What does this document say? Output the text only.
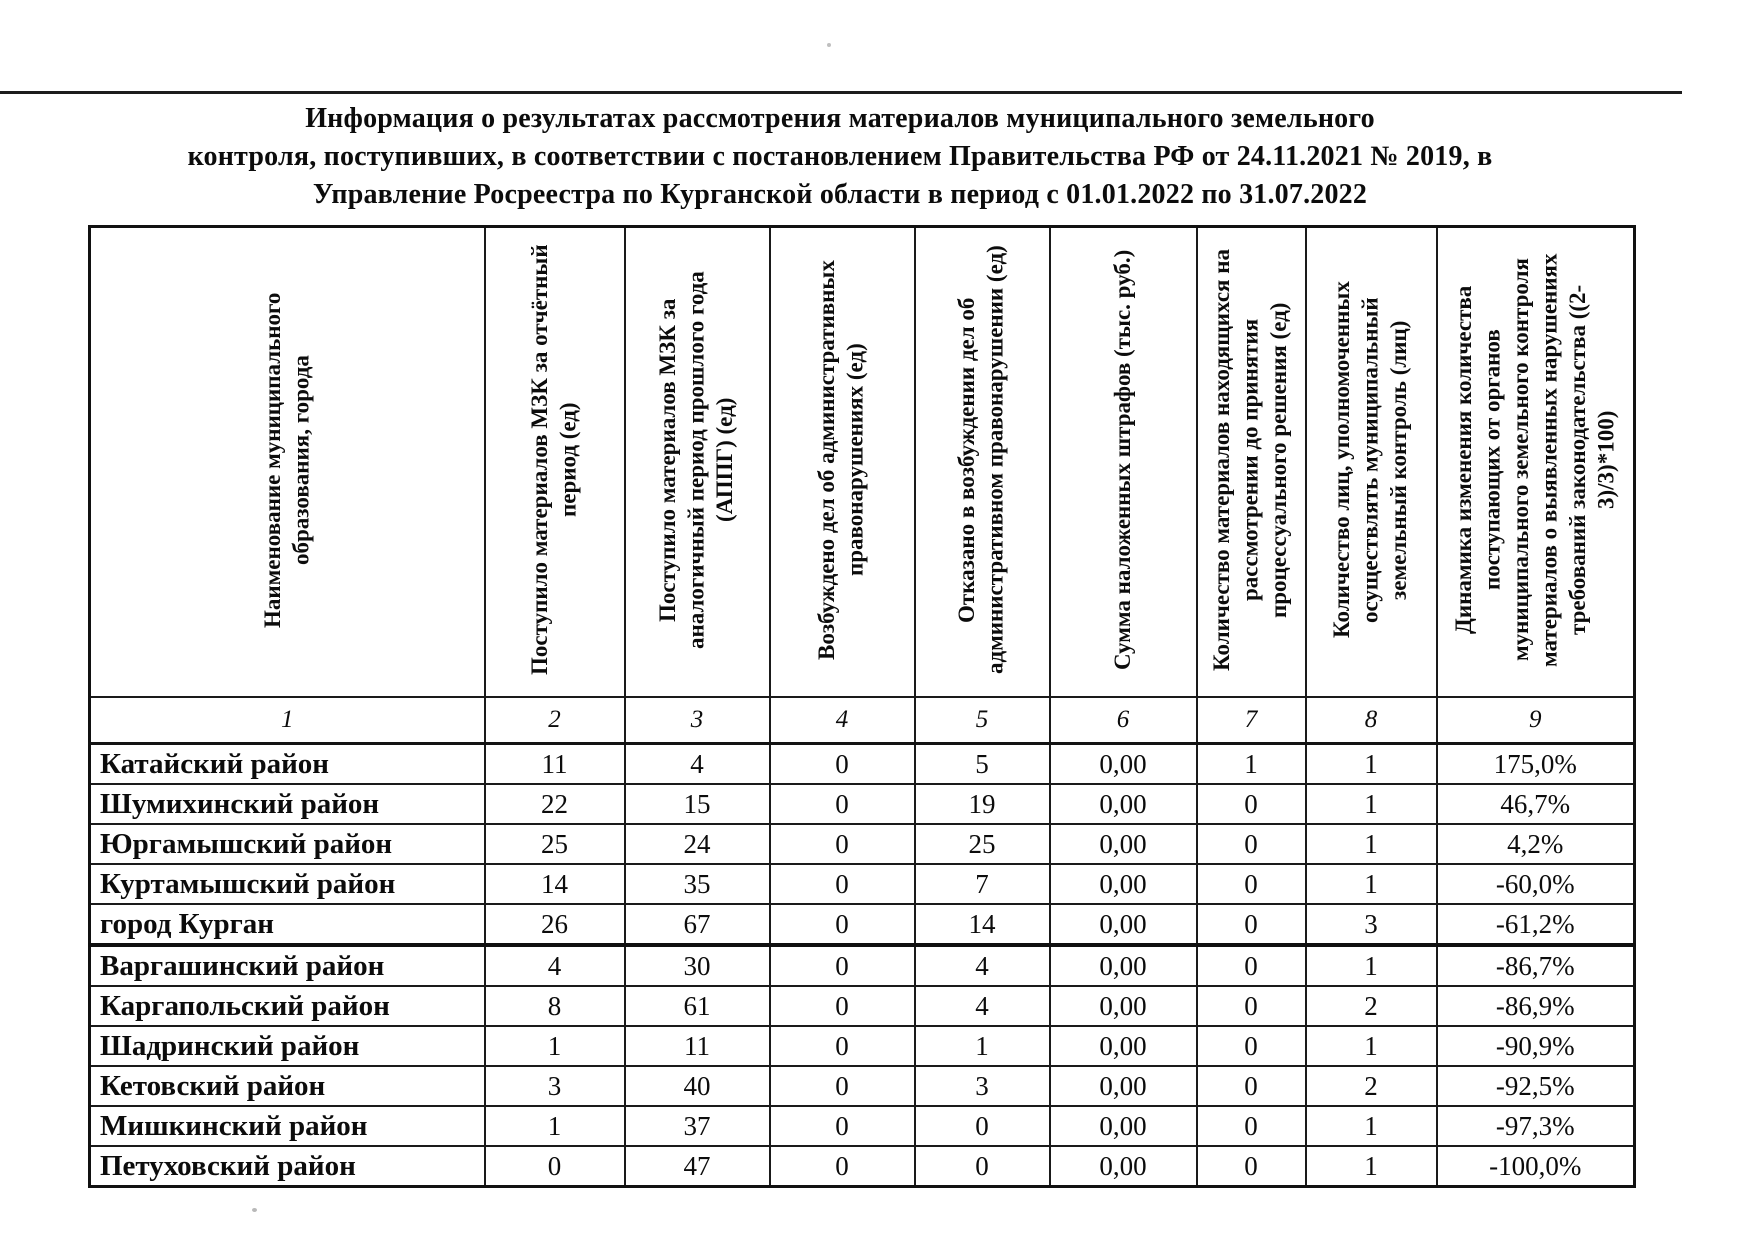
Информация о результатах рассмотрения материалов муниципального земельного
контроля, поступивших, в соответствии с постановлением Правительства РФ от 24.11.2021 № 2019, в
Управление Росреестра по Курганской области в период с 01.01.2022 по 31.07.2022
Наименование муниципального образования, города	Поступило материалов МЗК за отчётный период (ед)	Поступило материалов МЗК за аналогичный период прошлого года (АППГ) (ед)	Возбуждено дел об административных правонарушениях (ед)	Отказано в возбуждении дел об административном правонарушении (ед)	Сумма наложенных штрафов (тыс. руб.)	Количество материалов находящихся на рассмотрении до принятия процессуального решения (ед)	Количество лиц, уполномоченных осуществлять муниципальный земельный контроль (лиц)	Динамика изменения количества поступающих от органов муниципального земельного контроля материалов о выявленных нарушениях требований законодательства ((2-3)/3)*100)
1	2	3	4	5	6	7	8	9
Катайский район	11	4	0	5	0,00	1	1	175,0%
Шумихинский район	22	15	0	19	0,00	0	1	46,7%
Юргамышский район	25	24	0	25	0,00	0	1	4,2%
Куртамышский район	14	35	0	7	0,00	0	1	-60,0%
город Курган	26	67	0	14	0,00	0	3	-61,2%
Варгашинский район	4	30	0	4	0,00	0	1	-86,7%
Каргапольский район	8	61	0	4	0,00	0	2	-86,9%
Шадринский район	1	11	0	1	0,00	0	1	-90,9%
Кетовский район	3	40	0	3	0,00	0	2	-92,5%
Мишкинский район	1	37	0	0	0,00	0	1	-97,3%
Петуховский район	0	47	0	0	0,00	0	1	-100,0%
